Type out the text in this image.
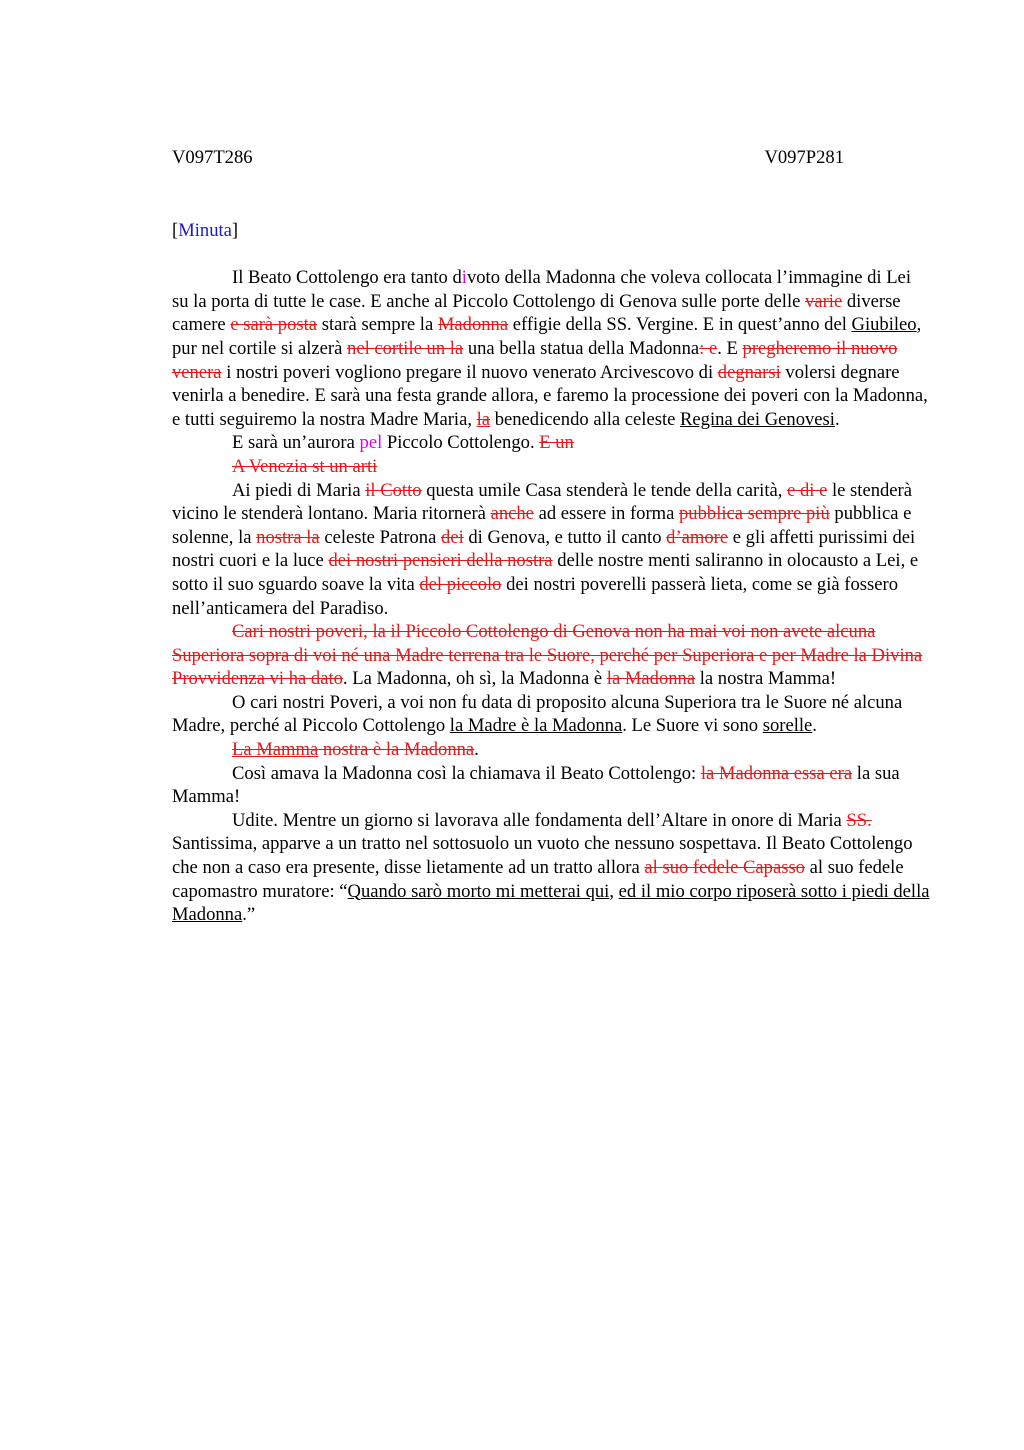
V097T286	V097P281
[Minuta]

Il Beato Cottolengo era tanto divoto della Madonna che voleva collocata l’immagine di Lei su la porta di tutte le case. E anche al Piccolo Cottolengo di Genova sulle porte delle varie diverse camere e sarà posta starà sempre la Madonna effigie della SS. Vergine. E in quest’anno del Giubileo, pur nel cortile si alzerà nel cortile un la una bella statua della Madonna: e. E pregheremo il nuovo venera i nostri poveri vogliono pregare il nuovo venerato Arcivescovo di degnarsi volersi degnare venirla a benedire. E sarà una festa grande allora, e faremo la processione dei poveri con la Madonna, e tutti seguiremo la nostra Madre Maria, la benedicendo alla celeste Regina dei Genovesi.

E sarà un’aurora pel Piccolo Cottolengo. E un

A Venezia st un arti

Ai piedi di Maria il Cotto questa umile Casa stenderà le tende della carità, e di e le stenderà vicino le stenderà lontano. Maria ritornerà anche ad essere in forma pubblica sempre più pubblica e solenne, la nostra la celeste Patrona dei di Genova, e tutto il canto d’amore e gli affetti purissimi dei nostri cuori e la luce dei nostri pensieri della nostra delle nostre menti saliranno in olocausto a Lei, e sotto il suo sguardo soave la vita del piccolo dei nostri poverelli passerà lieta, come se già fossero nell’anticamera del Paradiso.

Cari nostri poveri, la il Piccolo Cottolengo di Genova non ha mai voi non avete alcuna Superiora sopra di voi né una Madre terrena tra le Suore, perché per Superiora e per Madre la Divina Provvidenza vi ha dato. La Madonna, oh sì, la Madonna è la Madonna la nostra Mamma!

O cari nostri Poveri, a voi non fu data di proposito alcuna Superiora tra le Suore né alcuna Madre, perché al Piccolo Cottolengo la Madre è la Madonna. Le Suore vi sono sorelle.

La Mamma nostra è la Madonna.

Così amava la Madonna così la chiamava il Beato Cottolengo: la Madonna essa era la sua Mamma!

Udite. Mentre un giorno si lavorava alle fondamenta dell’Altare in onore di Maria SS. Santissima, apparve a un tratto nel sottosuolo un vuoto che nessuno sospettava. Il Beato Cottolengo che non a caso era presente, disse lietamente ad un tratto allora al suo fedele Capasso al suo fedele capomastro muratore: “Quando sarò morto mi metterai qui, ed il mio corpo riposerà sotto i piedi della Madonna.”
